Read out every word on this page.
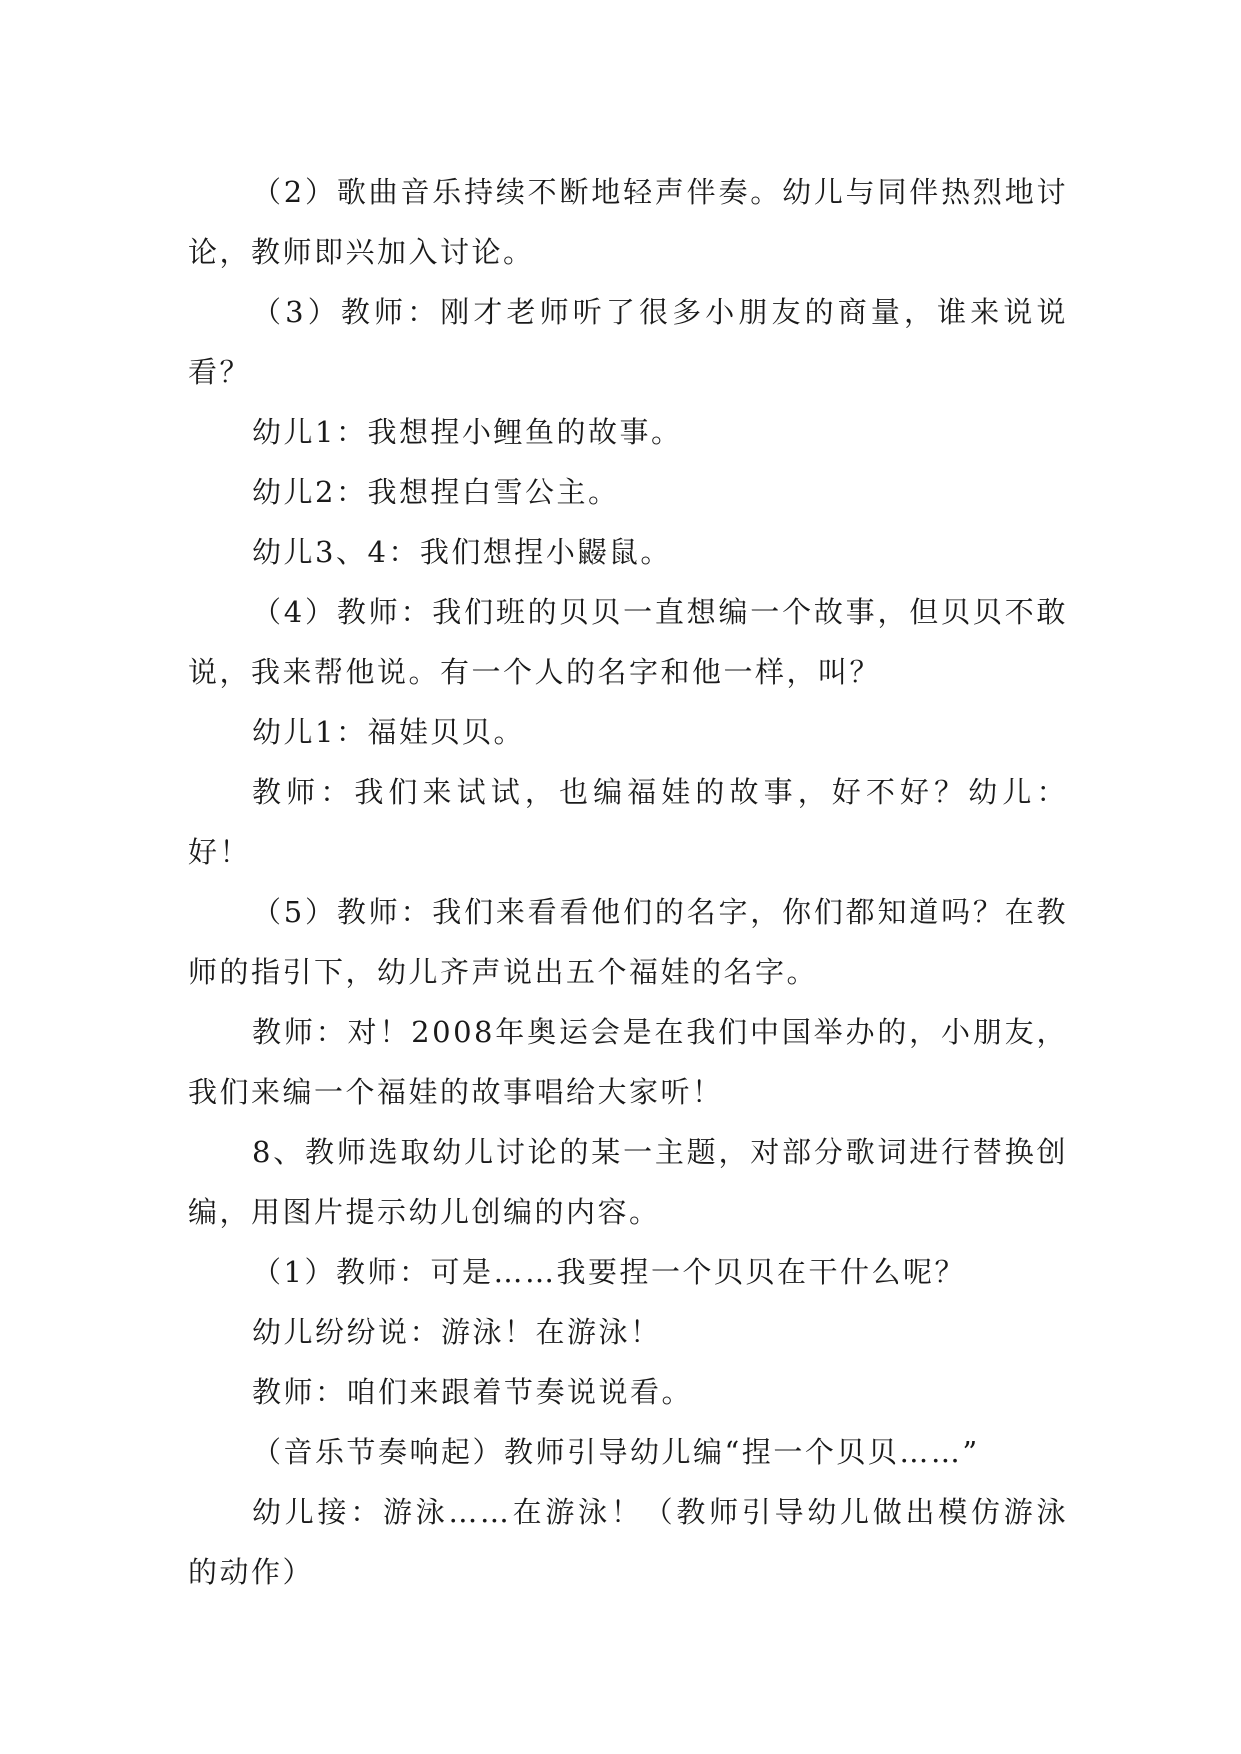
（2）歌曲音乐持续不断地轻声伴奏。幼儿与同伴热烈地讨论，教师即兴加入讨论。

（3）教师：刚才老师听了很多小朋友的商量，谁来说说看？

幼儿1：我想捏小鲤鱼的故事。

幼儿2：我想捏白雪公主。

幼儿3、4：我们想捏小鼹鼠。

（4）教师：我们班的贝贝一直想编一个故事，但贝贝不敢说，我来帮他说。有一个人的名字和他一样，叫？

幼儿1：福娃贝贝。

教师：我们来试试，也编福娃的故事，好不好？幼儿：好！

（5）教师：我们来看看他们的名字，你们都知道吗？在教师的指引下，幼儿齐声说出五个福娃的名字。

教师：对！2008年奥运会是在我们中国举办的，小朋友，我们来编一个福娃的故事唱给大家听！

8、教师选取幼儿讨论的某一主题，对部分歌词进行替换创编，用图片提示幼儿创编的内容。

（1）教师：可是……我要捏一个贝贝在干什么呢？

幼儿纷纷说：游泳！在游泳！

教师：咱们来跟着节奏说说看。

（音乐节奏响起）教师引导幼儿编“捏一个贝贝……”

幼儿接：游泳……在游泳！（教师引导幼儿做出模仿游泳的动作）
